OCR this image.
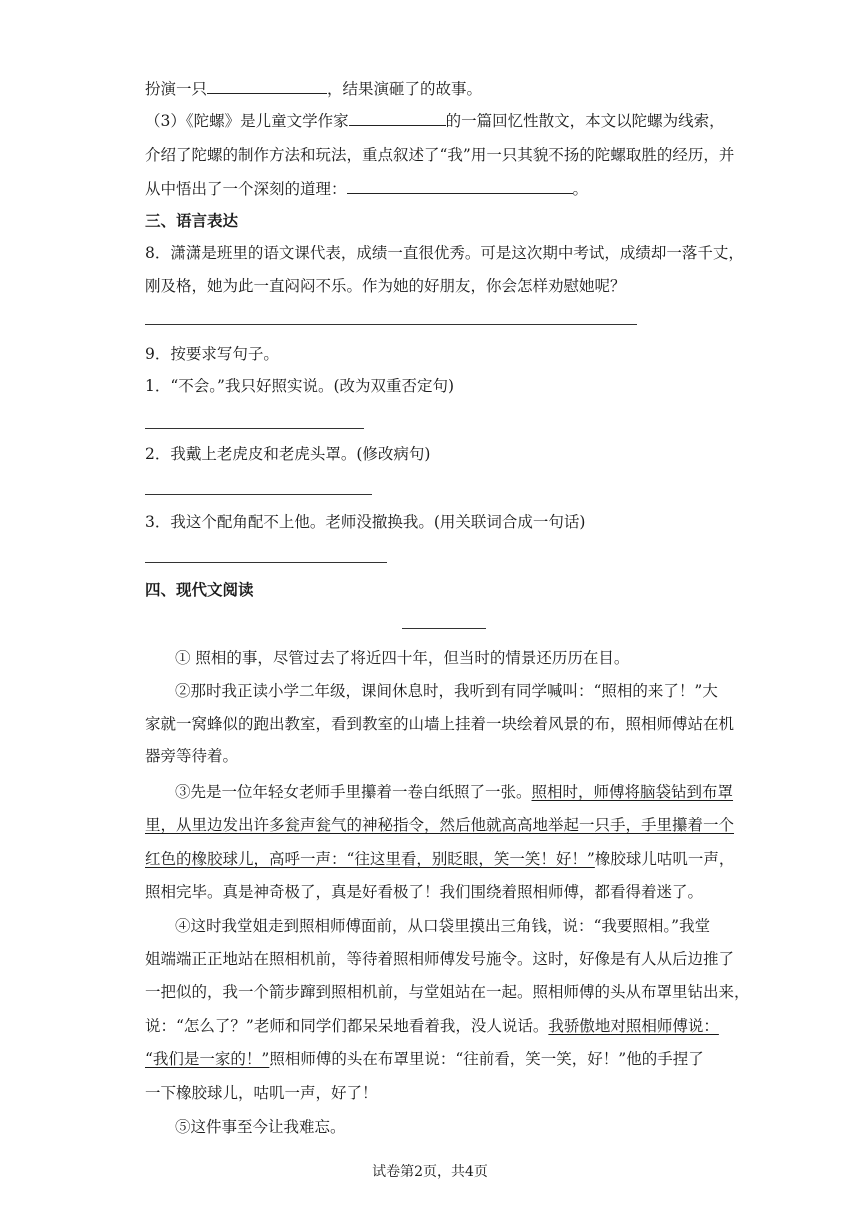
扮演一只	，结果演砸了的故事。
（3）《陀螺》是儿童文学作家	的一篇回忆性散文，本文以陀螺为线索，
介绍了陀螺的制作方法和玩法，重点叙述了“我”用一只其貌不扬的陀螺取胜的经历，并
从中悟出了一个深刻的道理：	。
三、语言表达
8．潇潇是班里的语文课代表，成绩一直很优秀。可是这次期中考试，成绩却一落千丈，
刚及格，她为此一直闷闷不乐。作为她的好朋友，你会怎样劝慰她呢？
9．按要求写句子。
1．“不会。”我只好照实说。(改为双重否定句)
2．我戴上老虎皮和老虎头罩。(修改病句)
3．我这个配角配不上他。老师没撤换我。(用关联词合成一句话)
四、现代文阅读
① 照相的事，尽管过去了将近四十年，但当时的情景还历历在目。
②那时我正读小学二年级，课间休息时，我听到有同学喊叫：“照相的来了！”大
家就一窝蜂似的跑出教室，看到教室的山墙上挂着一块绘着风景的布，照相师傅站在机
器旁等待着。
③先是一位年轻女老师手里攥着一卷白纸照了一张。照相时，师傅将脑袋钻到布罩
里，从里边发出许多瓮声瓮气的神秘指令，然后他就高高地举起一只手，手里攥着一个
红色的橡胶球儿，高呼一声：“往这里看，别眨眼，笑一笑！好！”橡胶球儿咕叽一声，
照相完毕。真是神奇极了，真是好看极了！我们围绕着照相师傅，都看得着迷了。
④这时我堂姐走到照相师傅面前，从口袋里摸出三角钱，说：“我要照相。”我堂
姐端端正正地站在照相机前，等待着照相师傅发号施令。这时，好像是有人从后边推了
一把似的，我一个箭步蹿到照相机前，与堂姐站在一起。照相师傅的头从布罩里钻出来，
说：“怎么了？”老师和同学们都呆呆地看着我，没人说话。我骄傲地对照相师傅说：
“我们是一家的！”照相师傅的头在布罩里说：“往前看，笑一笑，好！”他的手捏了
一下橡胶球儿，咕叽一声，好了！
⑤这件事至今让我难忘。
试卷第2页，共4页
